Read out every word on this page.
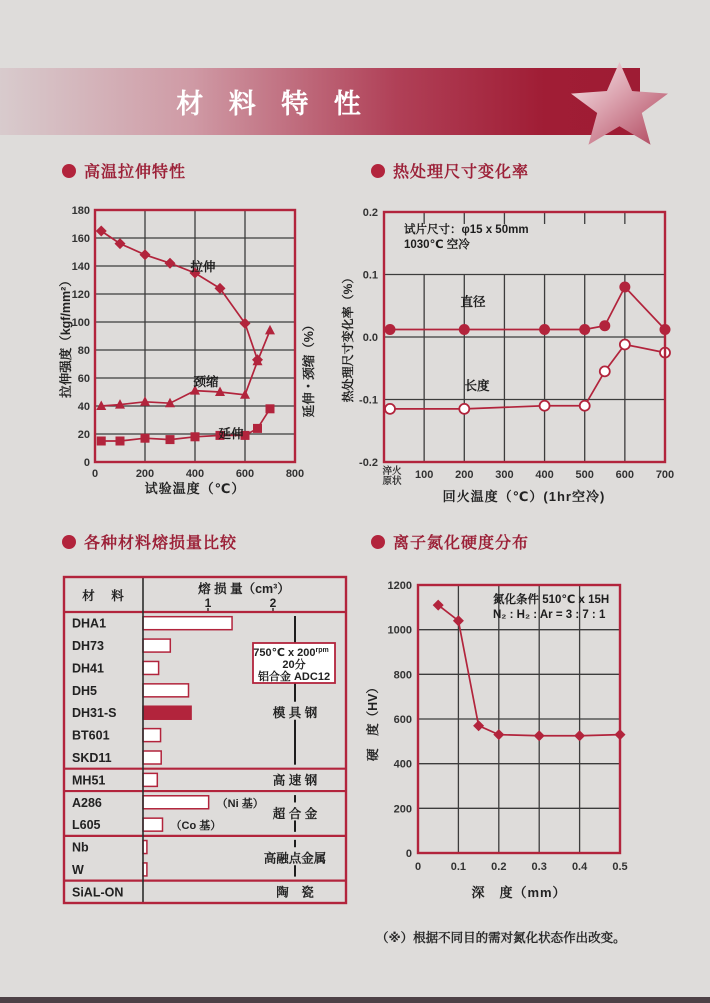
材 料 特 性
高温拉伸特性	热处理尺寸变化率
各种材料熔损量比较	离子氮化硬度分布
拉伸
颈缩
延伸
0
20
40
60
80
100
120
140
160
180
0	200	400	600	800
试验温度（℃）
拉伸强度（kgf/mm²）	延伸・颈缩（%）
直径
长度
0.2
0.1
0.0
-0.1
-0.2
100 200 300 400 500 600 700
淬火
原状
回火温度（℃）(1hr空冷)
热处理尺寸变化率（%）
试片尺寸：φ15 x 50mm
1030℃ 空冷
材　料	熔 损 量（cm³）
1	2
DHA1
DH73
DH41
DH5
DH31-S
BT601
SKD11
MH51
A286	（Ni 基）
L605	（Co 基）
Nb
W
SiAL-ON
模 具 钢
高 速 钢
超 合 金
高融点金属
陶　瓷
750℃ x $200^{rpm}$
20分
铝合金 ADC12
0
200
400
600
800
1000
1200
0	0.1 0.2 0.3 0.4 0.5
深　度（mm）
硬　度（HV）
氮化条件 510℃ x 15H
N₂ : H₂ : Ar = 3 : 7 : 1
（※）根据不同目的需对氮化状态作出改变。
